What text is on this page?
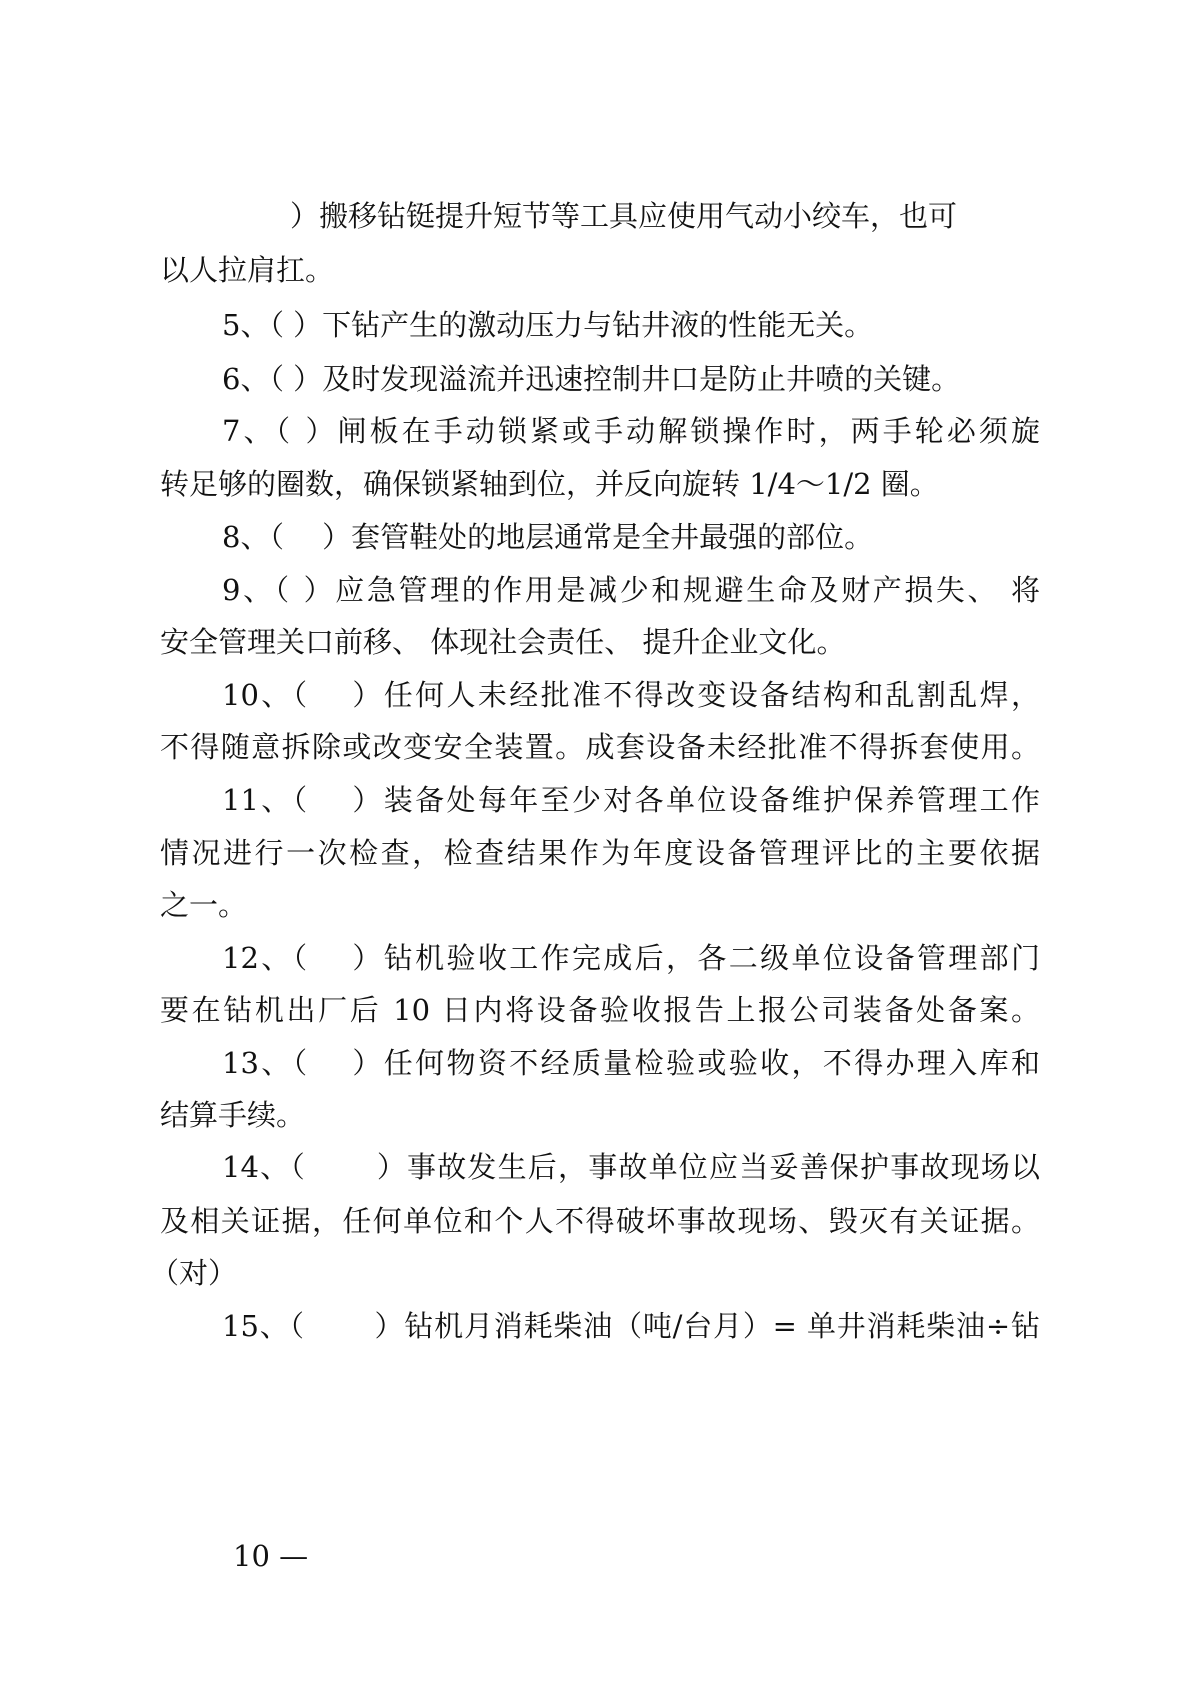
）搬移钻铤提升短节等工具应使用气动小绞车，也可
以人拉肩扛。
5、（ ）下钻产生的激动压力与钻井液的性能无关。
6、（ ）及时发现溢流并迅速控制井口是防止井喷的关键。
7、（ ）闸板在手动锁紧或手动解锁操作时，两手轮必须旋
转足够的圈数，确保锁紧轴到位，并反向旋转 1/4～1/2 圈。
8、（　 ）套管鞋处的地层通常是全井最强的部位。
9、（ ）应急管理的作用是减少和规避生命及财产损失、 将
安全管理关口前移、 体现社会责任、 提升企业文化。
10、（　 ）任何人未经批准不得改变设备结构和乱割乱焊，
不得随意拆除或改变安全装置。成套设备未经批准不得拆套使用。
11、（　 ）装备处每年至少对各单位设备维护保养管理工作
情况进行一次检查，检查结果作为年度设备管理评比的主要依据
之一。
12、（　 ）钻机验收工作完成后，各二级单位设备管理部门
要在钻机出厂后 10 日内将设备验收报告上报公司装备处备案。
13、（　 ）任何物资不经质量检验或验收，不得办理入库和
结算手续。
14、（　　 ）事故发生后，事故单位应当妥善保护事故现场以
及相关证据，任何单位和个人不得破坏事故现场、毁灭有关证据。
（对）
15、（　　 ）钻机月消耗柴油（吨/台月）= 单井消耗柴油÷钻
10 —
